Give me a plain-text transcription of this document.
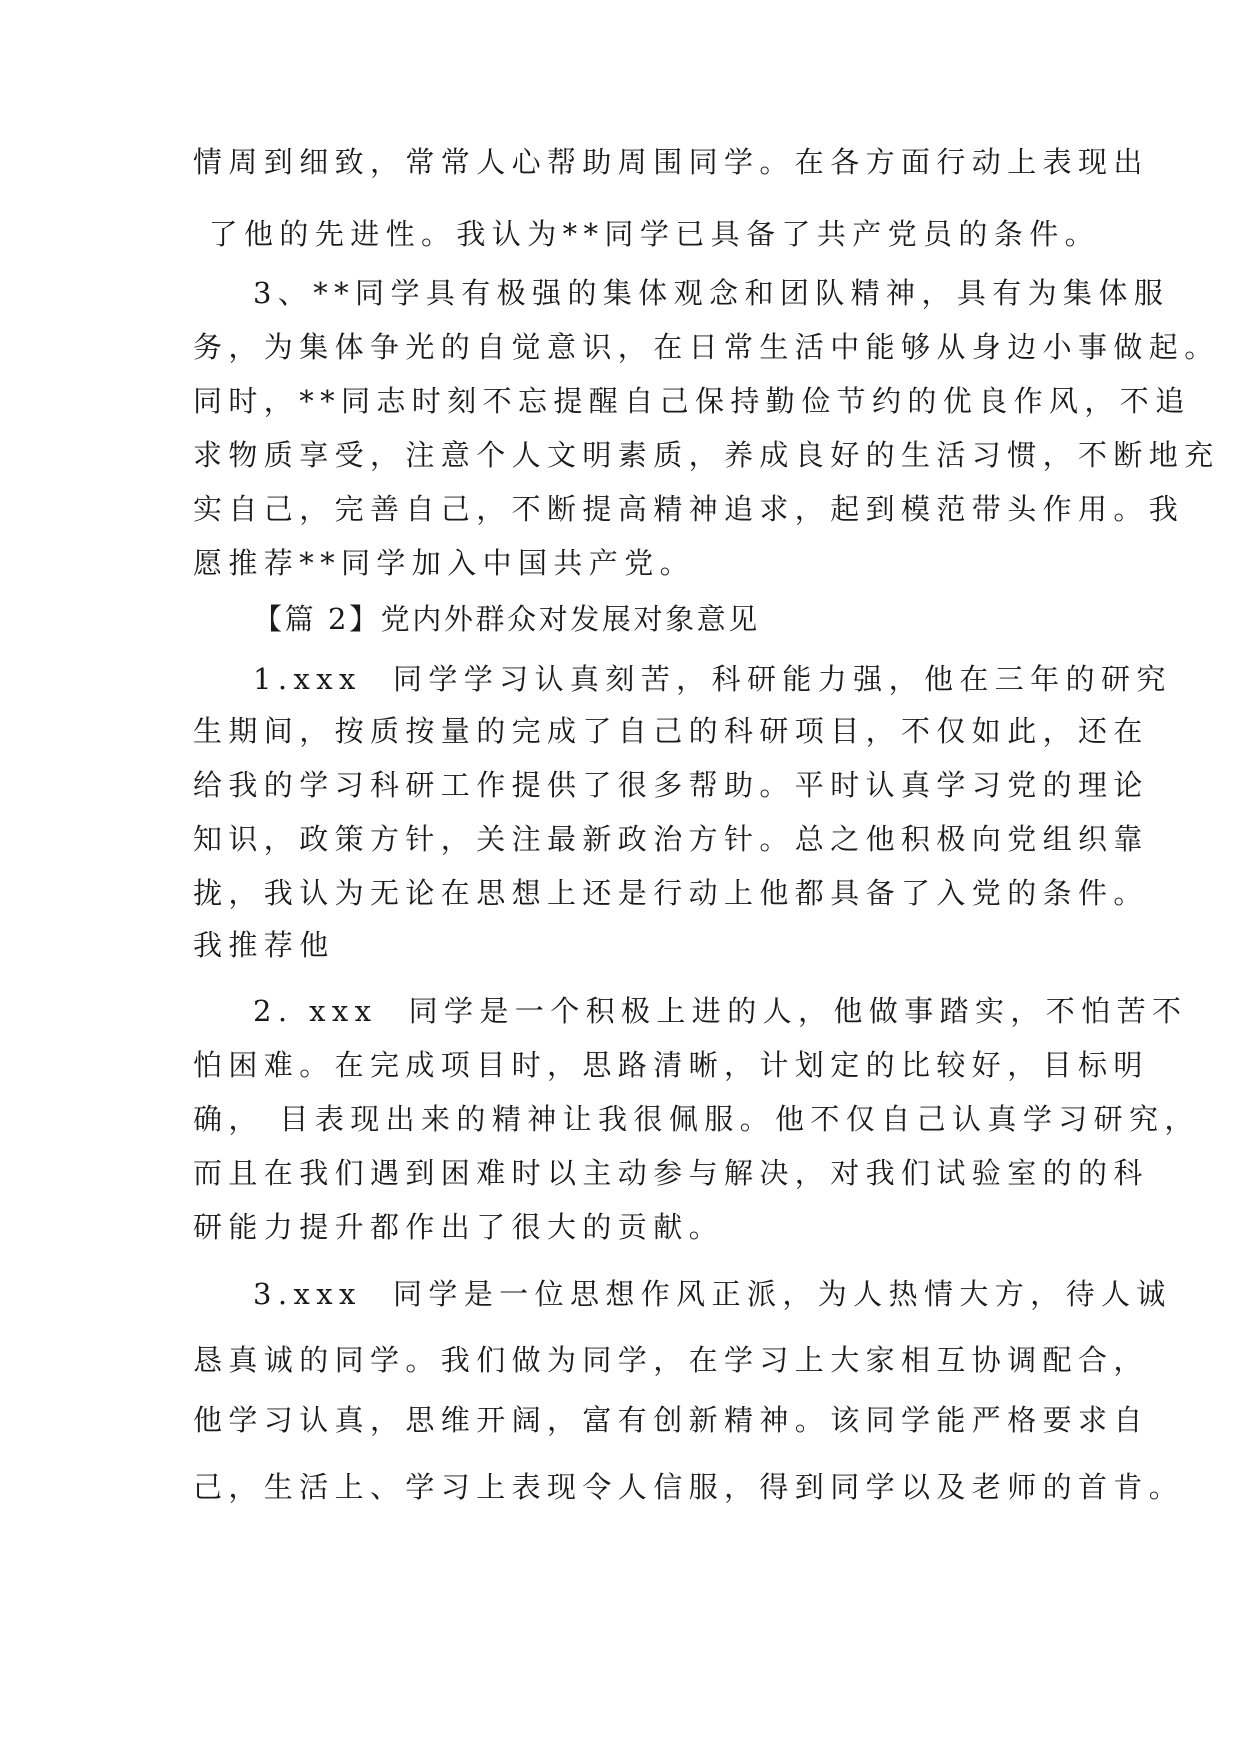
情周到细致，常常人心帮助周围同学。在各方面行动上表现出
了他的先进性。我认为**同学已具备了共产党员的条件。
3、**同学具有极强的集体观念和团队精神，具有为集体服
务，为集体争光的自觉意识，在日常生活中能够从身边小事做起。
同时，**同志时刻不忘提醒自己保持勤俭节约的优良作风，不追
求物质享受，注意个人文明素质，养成良好的生活习惯，不断地充
实自己，完善自己，不断提高精神追求，起到模范带头作用。我
愿推荐**同学加入中国共产党。
【篇 2】党内外群众对发展对象意见
1.xxx  同学学习认真刻苦，科研能力强，他在三年的研究
生期间，按质按量的完成了自己的科研项目，不仅如此，还在
给我的学习科研工作提供了很多帮助。平时认真学习党的理论
知识，政策方针，关注最新政治方针。总之他积极向党组织靠
拢，我认为无论在思想上还是行动上他都具备了入党的条件。
我推荐他
2. xxx  同学是一个积极上进的人，他做事踏实，不怕苦不
怕困难。在完成项目时，思路清晰，计划定的比较好，目标明
确， 目表现出来的精神让我很佩服。他不仅自己认真学习研究，
而且在我们遇到困难时以主动参与解决，对我们试验室的的科
研能力提升都作出了很大的贡献。
3.xxx  同学是一位思想作风正派，为人热情大方，待人诚
恳真诚的同学。我们做为同学，在学习上大家相互协调配合，
他学习认真，思维开阔，富有创新精神。该同学能严格要求自
己，生活上、学习上表现令人信服，得到同学以及老师的首肯。
